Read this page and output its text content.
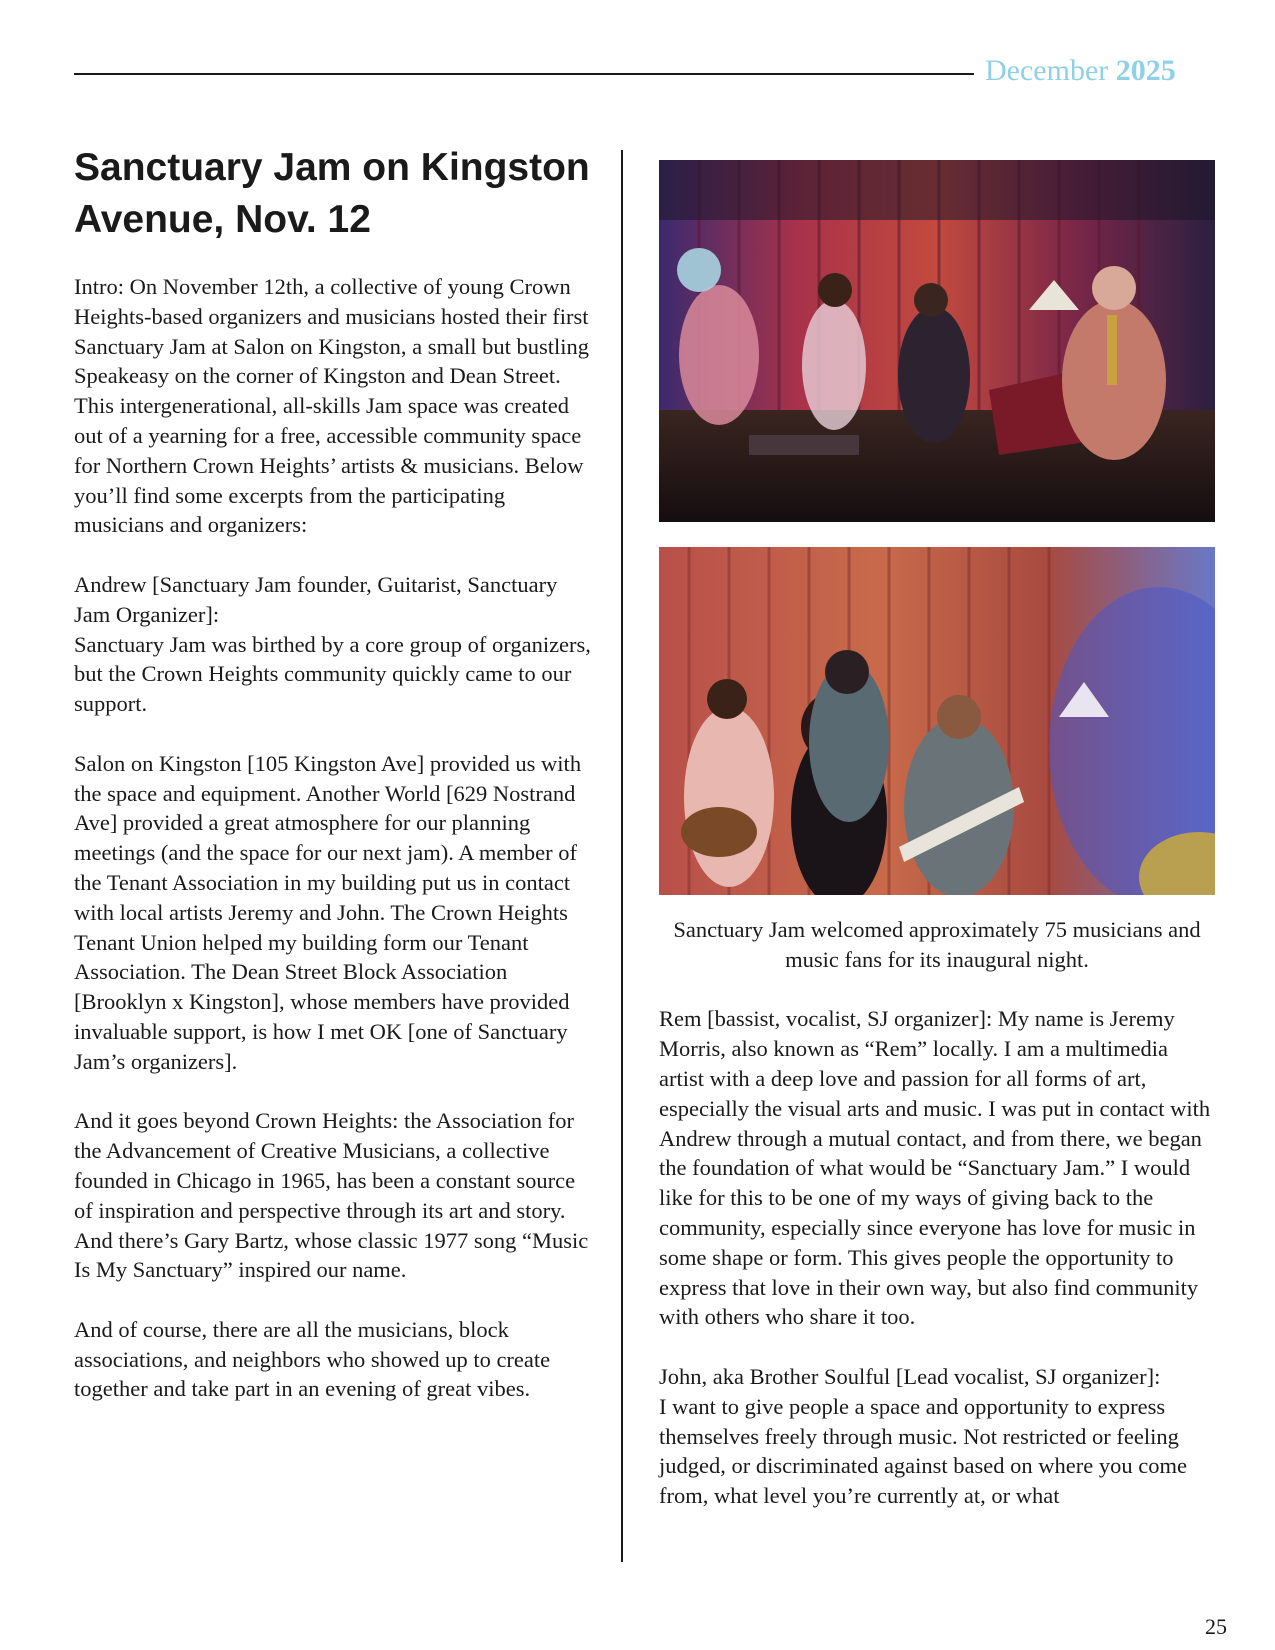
December 2025
Sanctuary Jam on Kingston Avenue, Nov. 12

Intro: On November 12th, a collective of young Crown Heights-based organizers and musicians hosted their first Sanctuary Jam at Salon on Kingston, a small but bustling Speakeasy on the corner of Kingston and Dean Street. This intergenerational, all-skills Jam space was created out of a yearning for a free, accessible community space for Northern Crown Heights’ artists & musicians. Below you’ll find some excerpts from the participating musicians and organizers:

Andrew [Sanctuary Jam founder, Guitarist, Sanctuary Jam Organizer]:
Sanctuary Jam was birthed by a core group of organizers, but the Crown Heights community quickly came to our support.

Salon on Kingston [105 Kingston Ave] provided us with the space and equipment. Another World [629 Nostrand Ave] provided a great atmosphere for our planning meetings (and the space for our next jam). A member of the Tenant Association in my building put us in contact with local artists Jeremy and John. The Crown Heights Tenant Union helped my building form our Tenant Association. The Dean Street Block Association [Brooklyn x Kingston], whose members have provided invaluable support, is how I met OK [one of Sanctuary Jam’s organizers].

And it goes beyond Crown Heights: the Association for the Advancement of Creative Musicians, a collective founded in Chicago in 1965, has been a constant source of inspiration and perspective through its art and story. And there’s Gary Bartz, whose classic 1977 song “Music Is My Sanctuary” inspired our name.

And of course, there are all the musicians, block associations, and neighbors who showed up to create together and take part in an evening of great vibes.

Sanctuary Jam welcomed approximately 75 musicians and music fans for its inaugural night.

Rem [bassist, vocalist, SJ organizer]: My name is Jeremy Morris, also known as “Rem” locally. I am a multimedia artist with a deep love and passion for all forms of art, especially the visual arts and music. I was put in contact with Andrew through a mutual contact, and from there, we began the foundation of what would be “Sanctuary Jam.” I would like for this to be one of my ways of giving back to the community, especially since everyone has love for music in some shape or form. This gives people the opportunity to express that love in their own way, but also find community with others who share it too.

John, aka Brother Soulful [Lead vocalist, SJ organizer]:
I want to give people a space and opportunity to express themselves freely through music. Not restricted or feeling judged, or discriminated against based on where you come from, what level you’re currently at, or what

25
